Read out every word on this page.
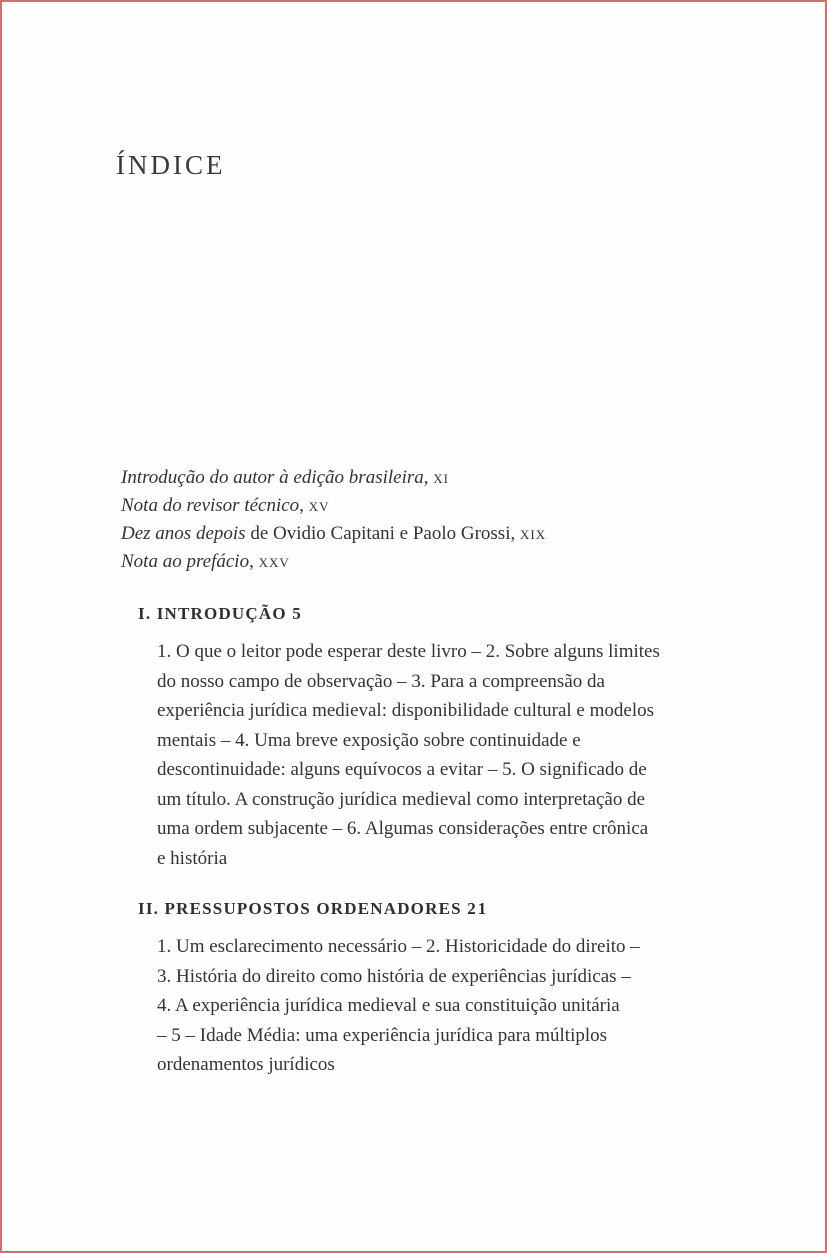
ÍNDICE
Introdução do autor à edição brasileira, xi
Nota do revisor técnico, xv
Dez anos depois de Ovidio Capitani e Paolo Grossi, xix
Nota ao prefácio, xxv
I. INTRODUÇÃO 5
1. O que o leitor pode esperar deste livro – 2. Sobre alguns limites
do nosso campo de observação – 3. Para a compreensão da
experiência jurídica medieval: disponibilidade cultural e modelos
mentais – 4. Uma breve exposição sobre continuidade e
descontinuidade: alguns equívocos a evitar – 5. O significado de
um título. A construção jurídica medieval como interpretação de
uma ordem subjacente – 6. Algumas considerações entre crônica
e história
II. PRESSUPOSTOS ORDENADORES 21
1. Um esclarecimento necessário – 2. Historicidade do direito –
3. História do direito como história de experiências jurídicas –
4. A experiência jurídica medieval e sua constituição unitária
– 5 – Idade Média: uma experiência jurídica para múltiplos
ordenamentos jurídicos
